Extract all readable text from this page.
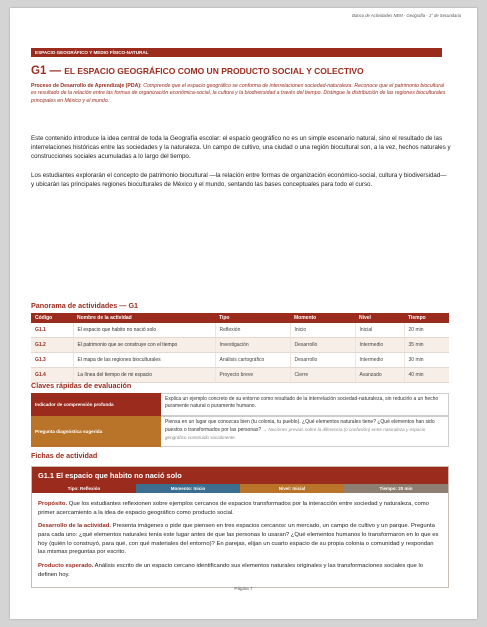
Banco de Actividades NEM · Geografía · 1° de Secundaria
ESPACIO GEOGRÁFICO Y MEDIO FÍSICO-NATURAL
G1 — EL ESPACIO GEOGRÁFICO COMO UN PRODUCTO SOCIAL Y COLECTIVO
Proceso de Desarrollo de Aprendizaje (PDA): Comprende que el espacio geográfico se conforma de interrelaciones sociedad-naturaleza. Reconoce que el patrimonio biocultural es resultado de la relación entre las formas de organización económica-social, la cultura y la biodiversidad a través del tiempo. Distingue la distribución de las regiones bioculturales principales en México y el mundo.
Este contenido introduce la idea central de toda la Geografía escolar: el espacio geográfico no es un simple escenario natural, sino el resultado de las interrelaciones históricas entre las sociedades y la naturaleza. Un campo de cultivo, una ciudad o una región biocultural son, a la vez, hechos naturales y construcciones sociales acumuladas a lo largo del tiempo.
Los estudiantes explorarán el concepto de patrimonio biocultural —la relación entre formas de organización económico-social, cultura y biodiversidad— y ubicarán las principales regiones bioculturales de México y el mundo, sentando las bases conceptuales para todo el curso.
Panorama de actividades — G1
Código	Nombre de la actividad	Tipo	Momento	Nivel	Tiempo
G1.1	El espacio que habito no nació solo	Reflexión	Inicio	Inicial	20 min
G1.2	El patrimonio que se construye con el tiempo	Investigación	Desarrollo	Intermedio	35 min
G1.3	El mapa de las regiones bioculturales	Análisis cartográfico	Desarrollo	Intermedio	30 min
G1.4	La línea del tiempo de mi espacio	Proyecto breve	Cierre	Avanzado	40 min
Claves rápidas de evaluación
Indicador de comprensión profunda
Explica un ejemplo concreto de su entorno como resultado de la interrelación sociedad-naturaleza, sin reducirlo a un hecho puramente natural o puramente humano.
Pregunta diagnóstica sugerida
Piensa en un lugar que conozcas bien (tu colonia, tu pueblo). ¿Qué elementos naturales tiene? ¿Qué elementos han sido puestos o transformados por las personas? → Nociones previas sobre la diferencia (o confusión) entre naturaleza y espacio geográfico construido socialmente.
Fichas de actividad
G1.1 El espacio que habito no nació solo
Tipo: Reflexión	Momento: Inicio	Nivel: Inicial	Tiempo: 20 min
Propósito. Que los estudiantes reflexionen sobre ejemplos cercanos de espacios transformados por la interacción entre sociedad y naturaleza, como primer acercamiento a la idea de espacio geográfico como producto social.
Desarrollo de la actividad. Presenta imágenes o pide que piensen en tres espacios cercanos: un mercado, un campo de cultivo y un parque. Pregunta para cada uno: ¿qué elementos naturales tenía este lugar antes de que las personas lo usaran? ¿Qué elementos humanos lo transformaron en lo que es hoy (quién lo construyó, para qué, con qué materiales del entorno)? En parejas, elijan un cuarto espacio de su propia colonia o comunidad y respondan las mismas preguntas por escrito.
Producto esperado. Análisis escrito de un espacio cercano identificando sus elementos naturales originales y las transformaciones sociales que lo definen hoy.
Página 7
